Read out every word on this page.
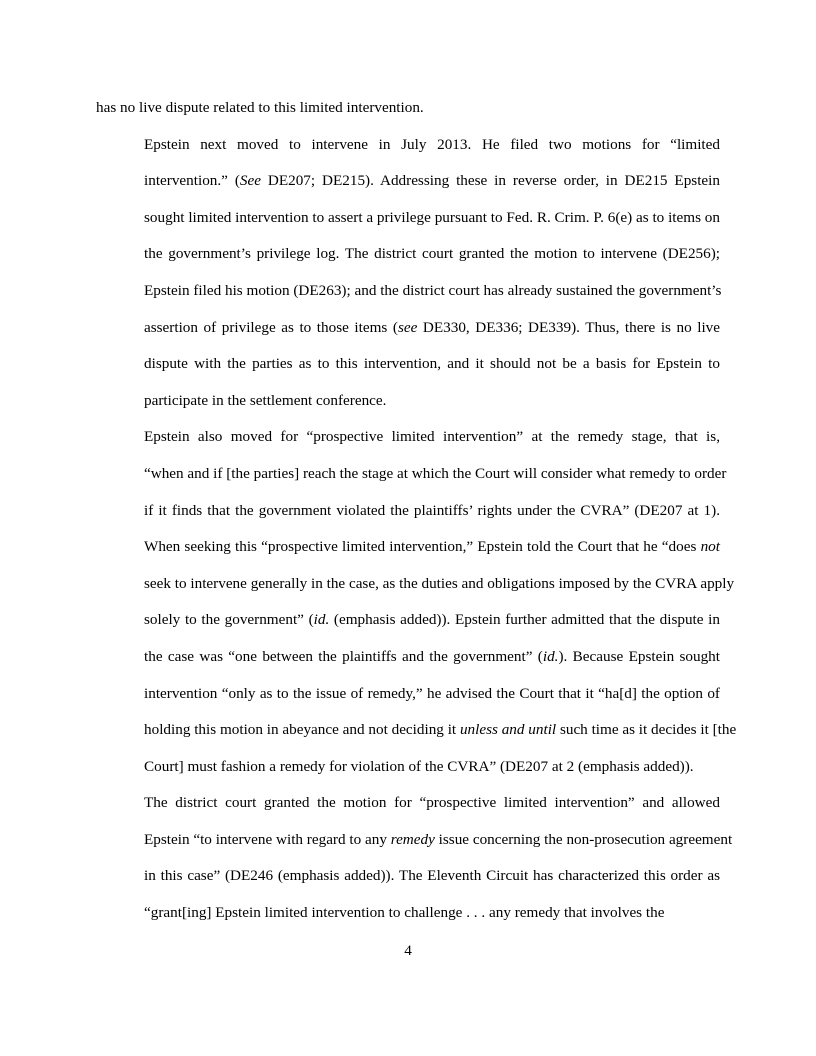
has no live dispute related to this limited intervention.

Epstein next moved to intervene in July 2013. He filed two motions for “limited
intervention.” (See DE207; DE215). Addressing these in reverse order, in DE215 Epstein
sought limited intervention to assert a privilege pursuant to Fed. R. Crim. P. 6(e) as to items on
the government’s privilege log. The district court granted the motion to intervene (DE256);
Epstein filed his motion (DE263); and the district court has already sustained the government’s
assertion of privilege as to those items (see DE330, DE336; DE339). Thus, there is no live
dispute with the parties as to this intervention, and it should not be a basis for Epstein to
participate in the settlement conference.

Epstein also moved for “prospective limited intervention” at the remedy stage, that is,
“when and if [the parties] reach the stage at which the Court will consider what remedy to order
if it finds that the government violated the plaintiffs’ rights under the CVRA” (DE207 at 1).
When seeking this “prospective limited intervention,” Epstein told the Court that he “does not
seek to intervene generally in the case, as the duties and obligations imposed by the CVRA apply
solely to the government” (id. (emphasis added)). Epstein further admitted that the dispute in
the case was “one between the plaintiffs and the government” (id.). Because Epstein sought
intervention “only as to the issue of remedy,” he advised the Court that it “ha[d] the option of
holding this motion in abeyance and not deciding it unless and until such time as it decides it [the
Court] must fashion a remedy for violation of the CVRA” (DE207 at 2 (emphasis added)).

The district court granted the motion for “prospective limited intervention” and allowed
Epstein “to intervene with regard to any remedy issue concerning the non-prosecution agreement
in this case” (DE246 (emphasis added)). The Eleventh Circuit has characterized this order as
“grant[ing] Epstein limited intervention to challenge . . . any remedy that involves the

4
